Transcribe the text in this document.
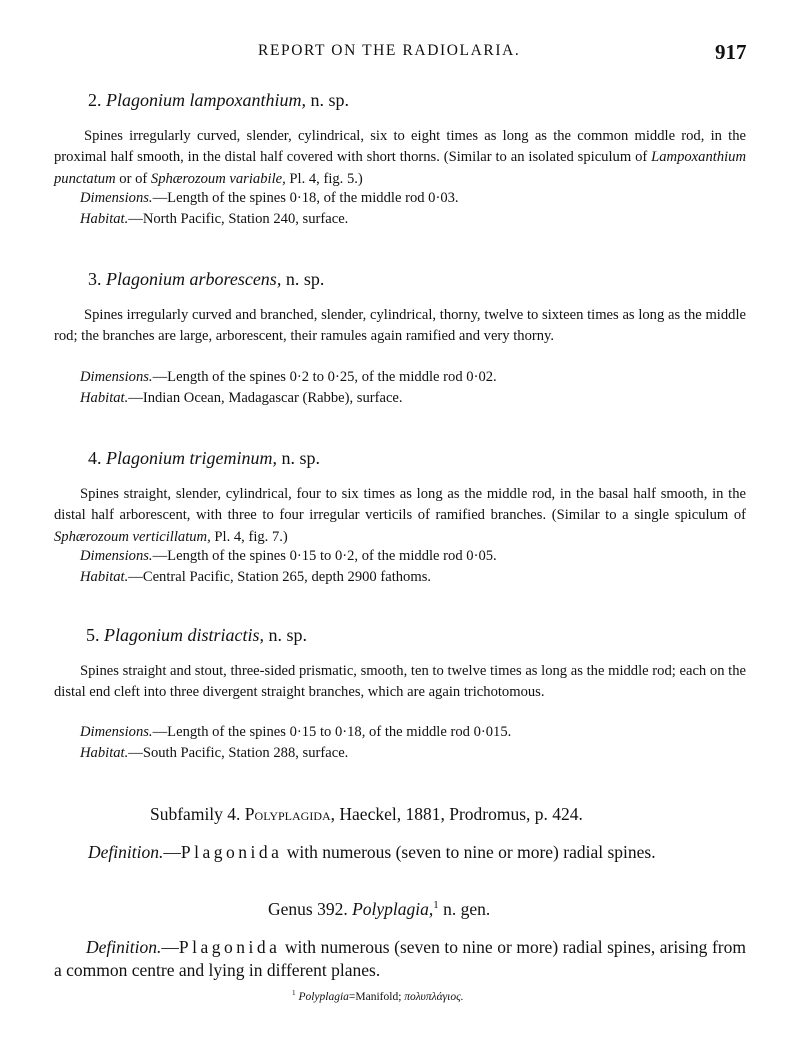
REPORT ON THE RADIOLARIA.	917
2. Plagonium lampoxanthium, n. sp.
Spines irregularly curved, slender, cylindrical, six to eight times as long as the common middle rod, in the proximal half smooth, in the distal half covered with short thorns. (Similar to an isolated spiculum of Lampoxanthium punctatum or of Sphærozoum variabile, Pl. 4, fig. 5.)
Dimensions.—Length of the spines 0·18, of the middle rod 0·03.
Habitat.—North Pacific, Station 240, surface.
3. Plagonium arborescens, n. sp.
Spines irregularly curved and branched, slender, cylindrical, thorny, twelve to sixteen times as long as the middle rod; the branches are large, arborescent, their ramules again ramified and very thorny.
Dimensions.—Length of the spines 0·2 to 0·25, of the middle rod 0·02.
Habitat.—Indian Ocean, Madagascar (Rabbe), surface.
4. Plagonium trigeminum, n. sp.
Spines straight, slender, cylindrical, four to six times as long as the middle rod, in the basal half smooth, in the distal half arborescent, with three to four irregular verticils of ramified branches. (Similar to a single spiculum of Sphærozoum verticillatum, Pl. 4, fig. 7.)
Dimensions.—Length of the spines 0·15 to 0·2, of the middle rod 0·05.
Habitat.—Central Pacific, Station 265, depth 2900 fathoms.
5. Plagonium distriactis, n. sp.
Spines straight and stout, three-sided prismatic, smooth, ten to twelve times as long as the middle rod; each on the distal end cleft into three divergent straight branches, which are again trichotomous.
Dimensions.—Length of the spines 0·15 to 0·18, of the middle rod 0·015.
Habitat.—South Pacific, Station 288, surface.
Subfamily 4. Polyplagida, Haeckel, 1881, Prodromus, p. 424.
Definition.—Plagonida with numerous (seven to nine or more) radial spines.
Genus 392. Polyplagia,$^1$ n. gen.
Definition.—Plagonida with numerous (seven to nine or more) radial spines, arising from a common centre and lying in different planes.
$^1$ Polyplagia=Manifold; πολυπλάγιος.
